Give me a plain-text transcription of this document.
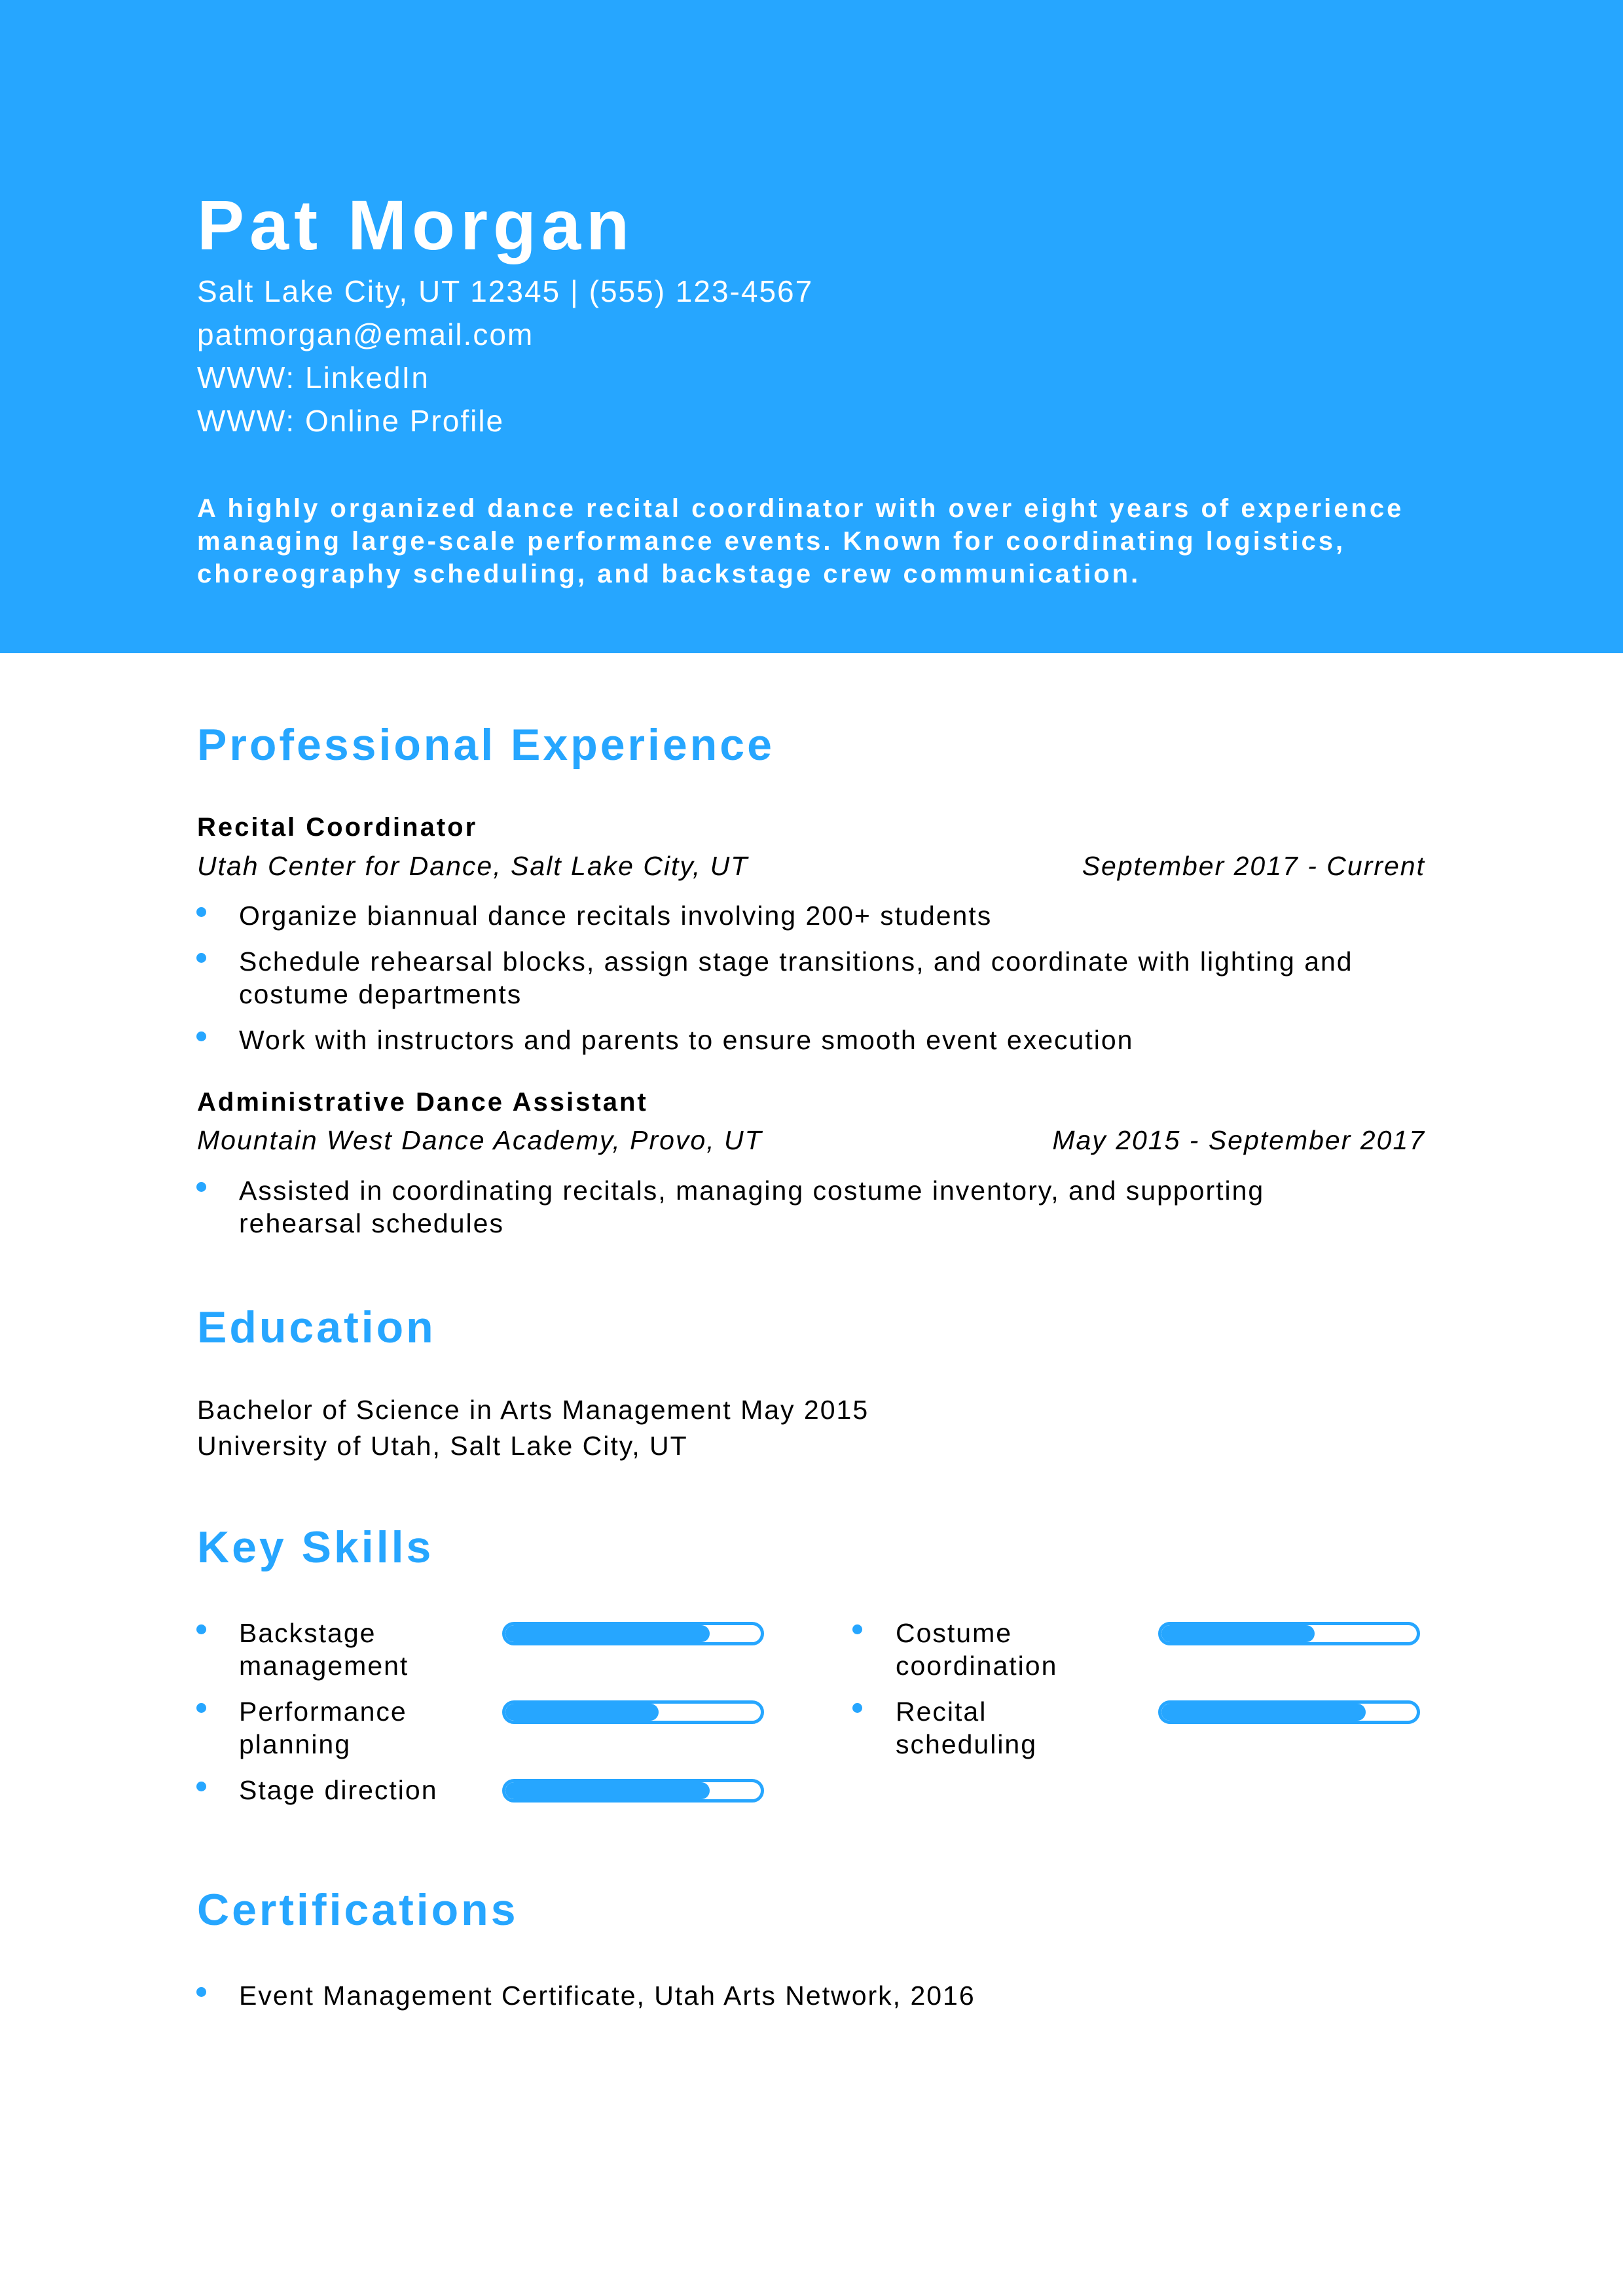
Pat Morgan
Salt Lake City, UT 12345 | (555) 123-4567
patmorgan@email.com
WWW: LinkedIn
WWW: Online Profile
A highly organized dance recital coordinator with over eight years of experience managing large-scale performance events. Known for coordinating logistics, choreography scheduling, and backstage crew communication.
Professional Experience
Recital Coordinator
Utah Center for Dance, Salt Lake City, UT	September 2017 - Current
Organize biannual dance recitals involving 200+ students
Schedule rehearsal blocks, assign stage transitions, and coordinate with lighting and costume departments
Work with instructors and parents to ensure smooth event execution
Administrative Dance Assistant
Mountain West Dance Academy, Provo, UT	May 2015 - September 2017
Assisted in coordinating recitals, managing costume inventory, and supporting rehearsal schedules
Education
Bachelor of Science in Arts Management May 2015
University of Utah, Salt Lake City, UT
Key Skills
Backstage management
Costume coordination
Performance planning
Recital scheduling
Stage direction
Certifications
Event Management Certificate, Utah Arts Network, 2016
